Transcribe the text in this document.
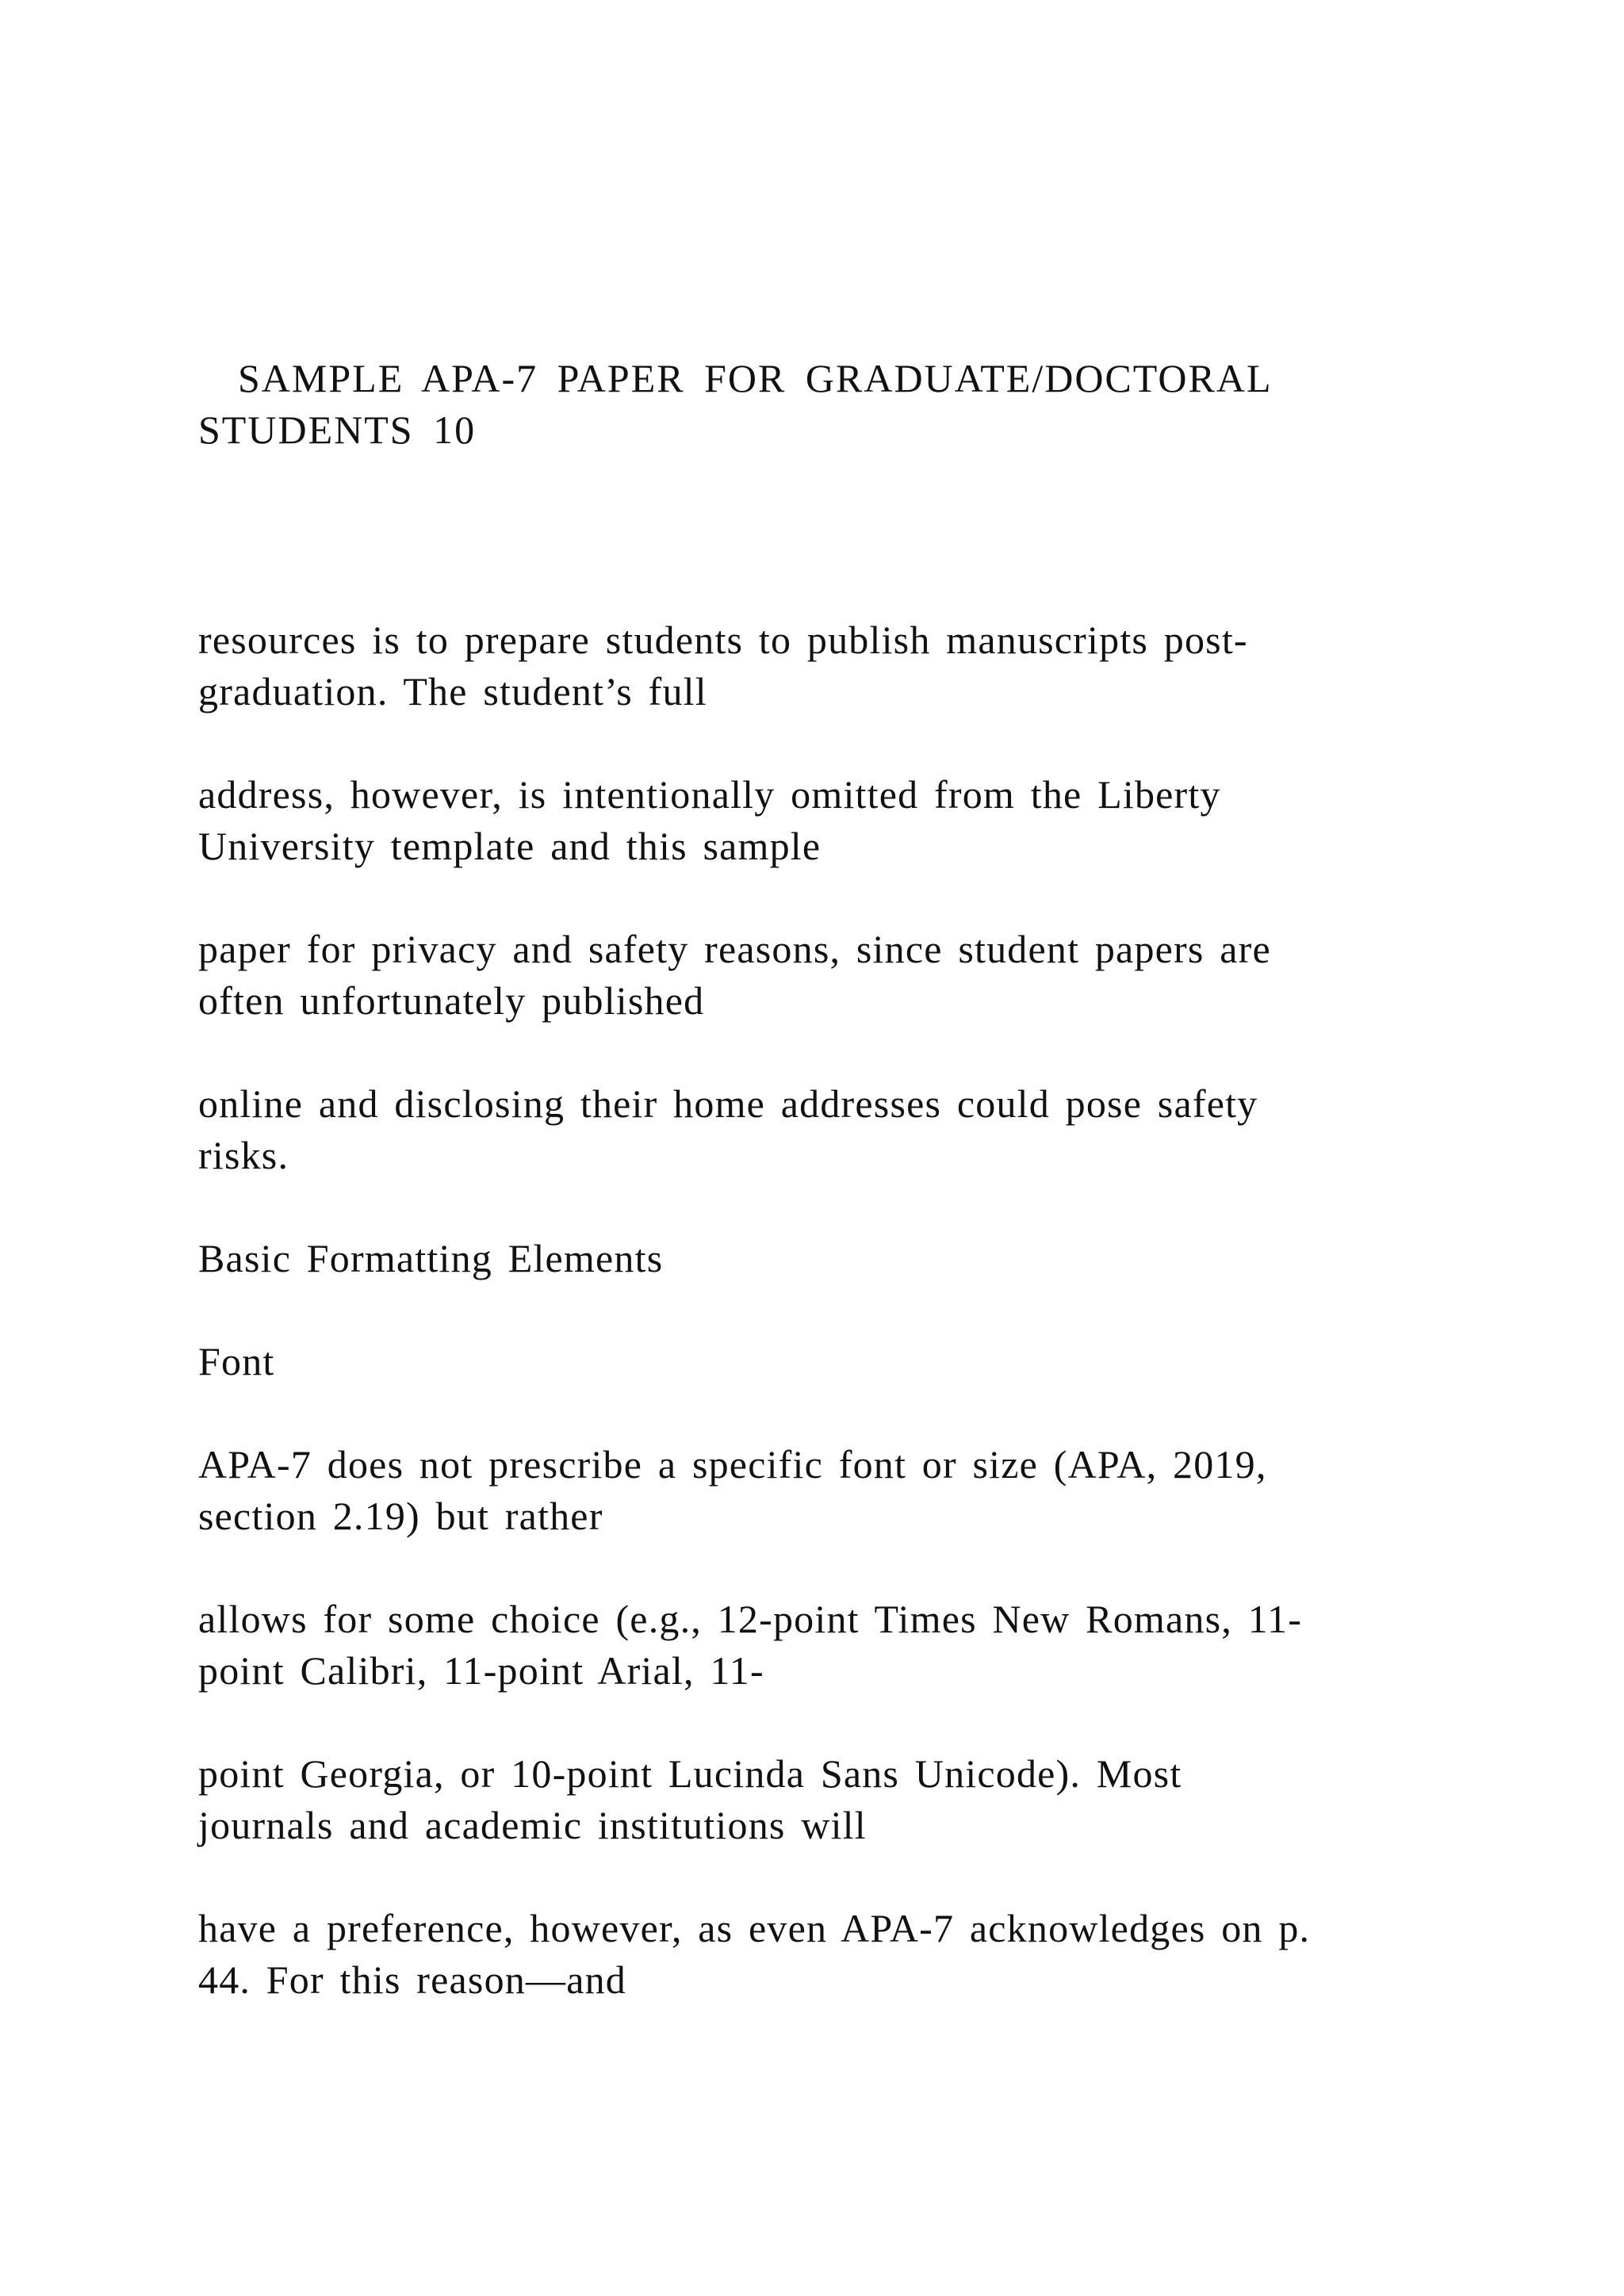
SAMPLE APA-7 PAPER FOR GRADUATE/DOCTORAL

STUDENTS 10

resources is to prepare students to publish manuscripts post-

graduation. The student’s full

address, however, is intentionally omitted from the Liberty

University template and this sample

paper for privacy and safety reasons, since student papers are

often unfortunately published

online and disclosing their home addresses could pose safety

risks.

Basic Formatting Elements

Font

APA-7 does not prescribe a specific font or size (APA, 2019,

section 2.19) but rather

allows for some choice (e.g., 12-point Times New Romans, 11-

point Calibri, 11-point Arial, 11-

point Georgia, or 10-point Lucinda Sans Unicode). Most

journals and academic institutions will

have a preference, however, as even APA-7 acknowledges on p.

44. For this reason—and
